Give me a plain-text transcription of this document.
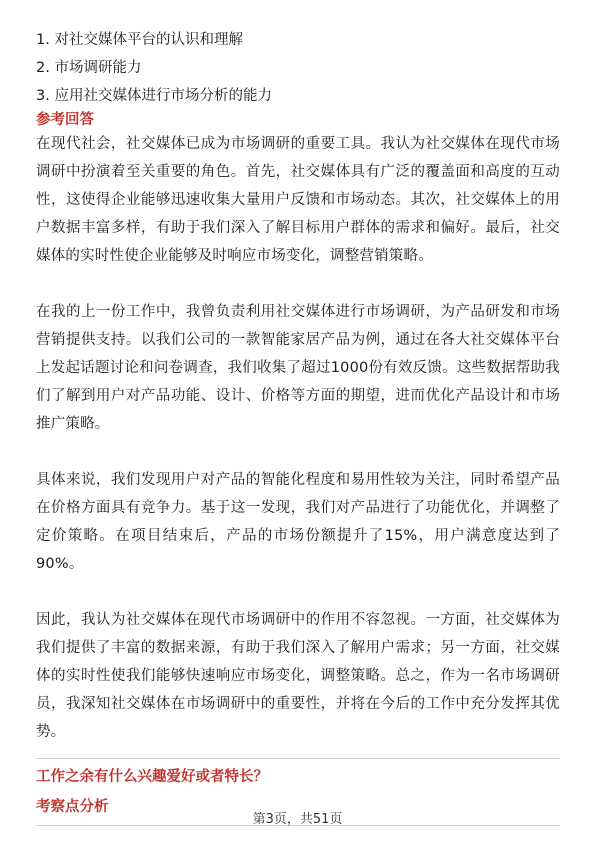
1. 对社交媒体平台的认识和理解
2. 市场调研能力
3. 应用社交媒体进行市场分析的能力
参考回答

在现代社会，社交媒体已成为市场调研的重要工具。我认为社交媒体在现代市场调研中扮演着至关重要的角色。首先，社交媒体具有广泛的覆盖面和高度的互动性，这使得企业能够迅速收集大量用户反馈和市场动态。其次，社交媒体上的用户数据丰富多样，有助于我们深入了解目标用户群体的需求和偏好。最后，社交媒体的实时性使企业能够及时响应市场变化，调整营销策略。

在我的上一份工作中，我曾负责利用社交媒体进行市场调研，为产品研发和市场营销提供支持。以我们公司的一款智能家居产品为例，通过在各大社交媒体平台上发起话题讨论和问卷调查，我们收集了超过1000份有效反馈。这些数据帮助我们了解到用户对产品功能、设计、价格等方面的期望，进而优化产品设计和市场推广策略。

具体来说，我们发现用户对产品的智能化程度和易用性较为关注，同时希望产品在价格方面具有竞争力。基于这一发现，我们对产品进行了功能优化，并调整了定价策略。在项目结束后，产品的市场份额提升了15%，用户满意度达到了90%。

因此，我认为社交媒体在现代市场调研中的作用不容忽视。一方面，社交媒体为我们提供了丰富的数据来源，有助于我们深入了解用户需求；另一方面，社交媒体的实时性使我们能够快速响应市场变化，调整策略。总之，作为一名市场调研员，我深知社交媒体在市场调研中的重要性，并将在今后的工作中充分发挥其优势。

工作之余有什么兴趣爱好或者特长？
考察点分析
第3页，共51页
